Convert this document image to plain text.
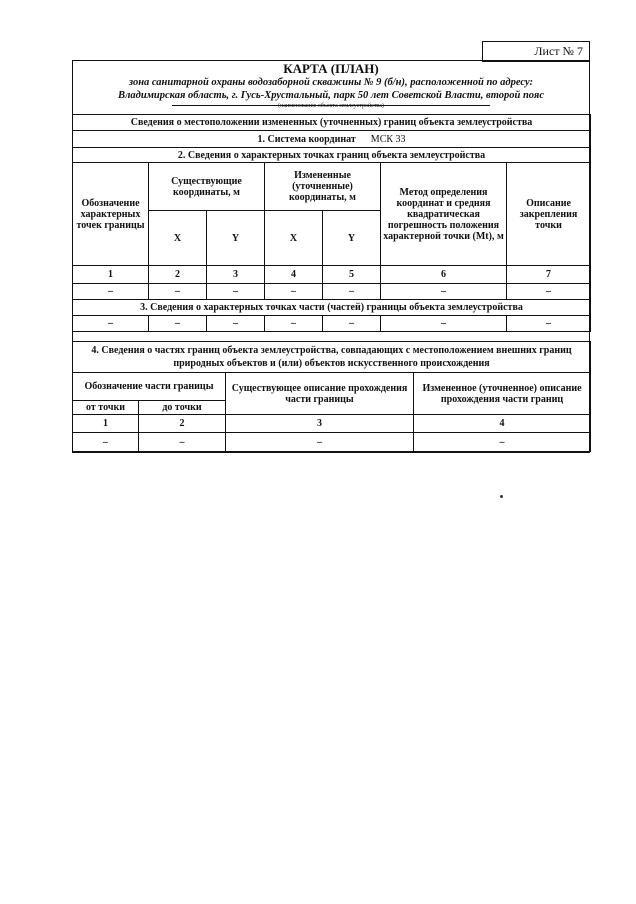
Лист № 7
КАРТА (ПЛАН)
зона санитарной охраны водозаборной скважины № 9 (б/н), расположенной по адресу:
Владимирская область, г. Гусь-Хрустальный, парк 50 лет Советской Власти, второй пояс
(наименование объекта землеустройства)
Сведения о местоположении измененных (уточненных) границ объекта землеустройства						
1. Система координат МСК 33						
2. Сведения о характерных точках границ объекта землеустройства						
Обозначение характерных точек границы	Существующие координаты, м		Измененные (уточненные) координаты, м		Метод определения координат и средняя квадратическая погрешность положения характерной точки (Mt), м	Описание закрепления точки
	X	Y	X	Y		
1	2	3	4	5	6	7
–	–	–	–	–	–	–
3. Сведения о характерных точках части (частей) границы объекта землеустройства						
–	–	–	–	–	–	–
4. Сведения о частях границ объекта землеустройства, совпадающих с местоположением внешних границ природных объектов и (или) объектов искусственного происхождения			
Обозначение части границы		Существующее описание прохождения части границы	Измененное (уточненное) описание прохождения части границ
от точки	до точки		
1	2	3	4
–	–	–	–
